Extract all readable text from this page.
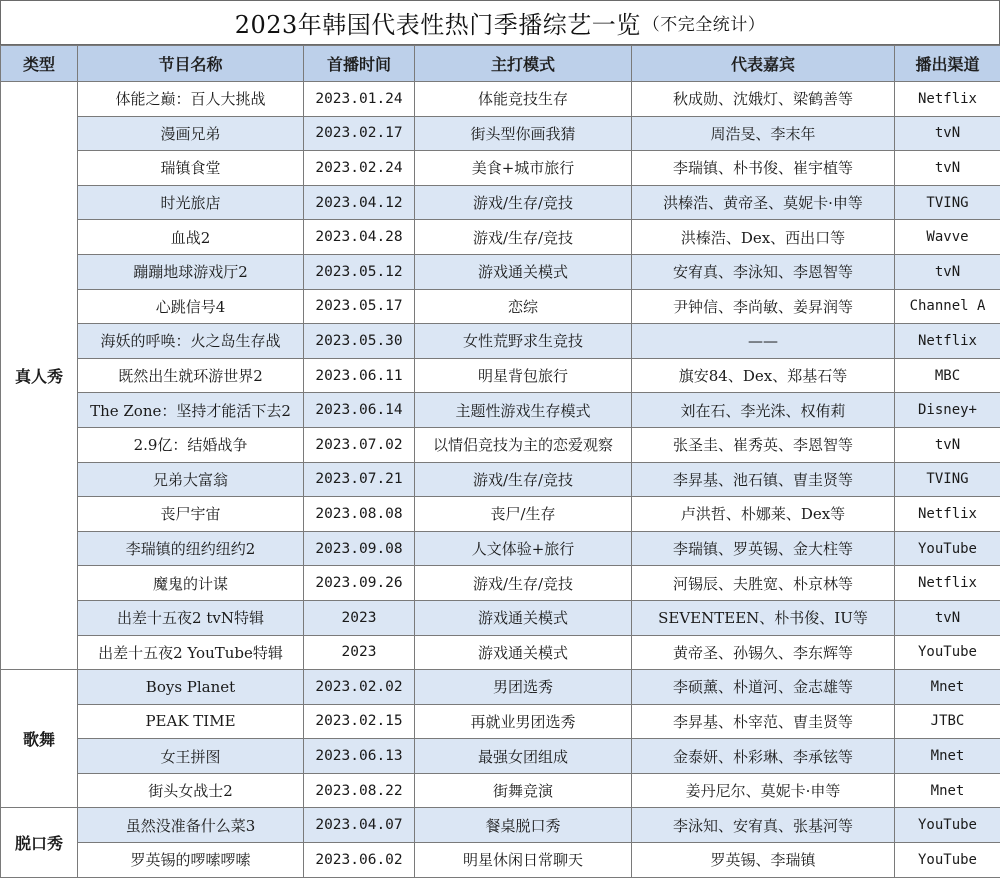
2023年韩国代表性热门季播综艺一览 （不完全统计）
类型	节目名称	首播时间	主打模式	代表嘉宾	播出渠道
真人秀	体能之巅：百人大挑战	2023.01.24	体能竞技生存	秋成勋、沈娥灯、梁鹤善等	Netflix
	漫画兄弟	2023.02.17	街头型你画我猜	周浩旻、李末年	tvN
	瑞镇食堂	2023.02.24	美食+城市旅行	李瑞镇、朴书俊、崔宇植等	tvN
	时光旅店	2023.04.12	游戏/生存/竞技	洪榛浩、黄帝圣、莫妮卡·申等	TVING
	血战2	2023.04.28	游戏/生存/竞技	洪榛浩、Dex、西出口等	Wavve
	蹦蹦地球游戏厅2	2023.05.12	游戏通关模式	安宥真、李泳知、李恩智等	tvN
	心跳信号4	2023.05.17	恋综	尹钟信、李尚敏、姜昇润等	Channel A
	海妖的呼唤：火之岛生存战	2023.05.30	女性荒野求生竞技	——	Netflix
	既然出生就环游世界2	2023.06.11	明星背包旅行	旗安84、Dex、郑基石等	MBC
	The Zone：坚持才能活下去2	2023.06.14	主题性游戏生存模式	刘在石、李光洙、权侑莉	Disney+
	2.9亿：结婚战争	2023.07.02	以情侣竞技为主的恋爱观察	张圣圭、崔秀英、李恩智等	tvN
	兄弟大富翁	2023.07.21	游戏/生存/竞技	李昇基、池石镇、曺圭贤等	TVING
	丧尸宇宙	2023.08.08	丧尸/生存	卢洪哲、朴娜莱、Dex等	Netflix
	李瑞镇的纽约纽约2	2023.09.08	人文体验+旅行	李瑞镇、罗英锡、金大柱等	YouTube
	魔鬼的计谋	2023.09.26	游戏/生存/竞技	河锡辰、夫胜宽、朴京林等	Netflix
	出差十五夜2 tvN特辑	2023	游戏通关模式	SEVENTEEN、朴书俊、IU等	tvN
	出差十五夜2 YouTube特辑	2023	游戏通关模式	黄帝圣、孙锡久、李东辉等	YouTube
歌舞	Boys Planet	2023.02.02	男团选秀	李硕薰、朴道河、金志雄等	Mnet
	PEAK TIME	2023.02.15	再就业男团选秀	李昇基、朴宰范、曺圭贤等	JTBC
	女王拼图	2023.06.13	最强女团组成	金泰妍、朴彩琳、李承铉等	Mnet
	街头女战士2	2023.08.22	街舞竞演	姜丹尼尔、莫妮卡·申等	Mnet
脱口秀	虽然没准备什么菜3	2023.04.07	餐桌脱口秀	李泳知、安宥真、张基河等	YouTube
	罗英锡的啰嗦啰嗦	2023.06.02	明星休闲日常聊天	罗英锡、李瑞镇	YouTube
